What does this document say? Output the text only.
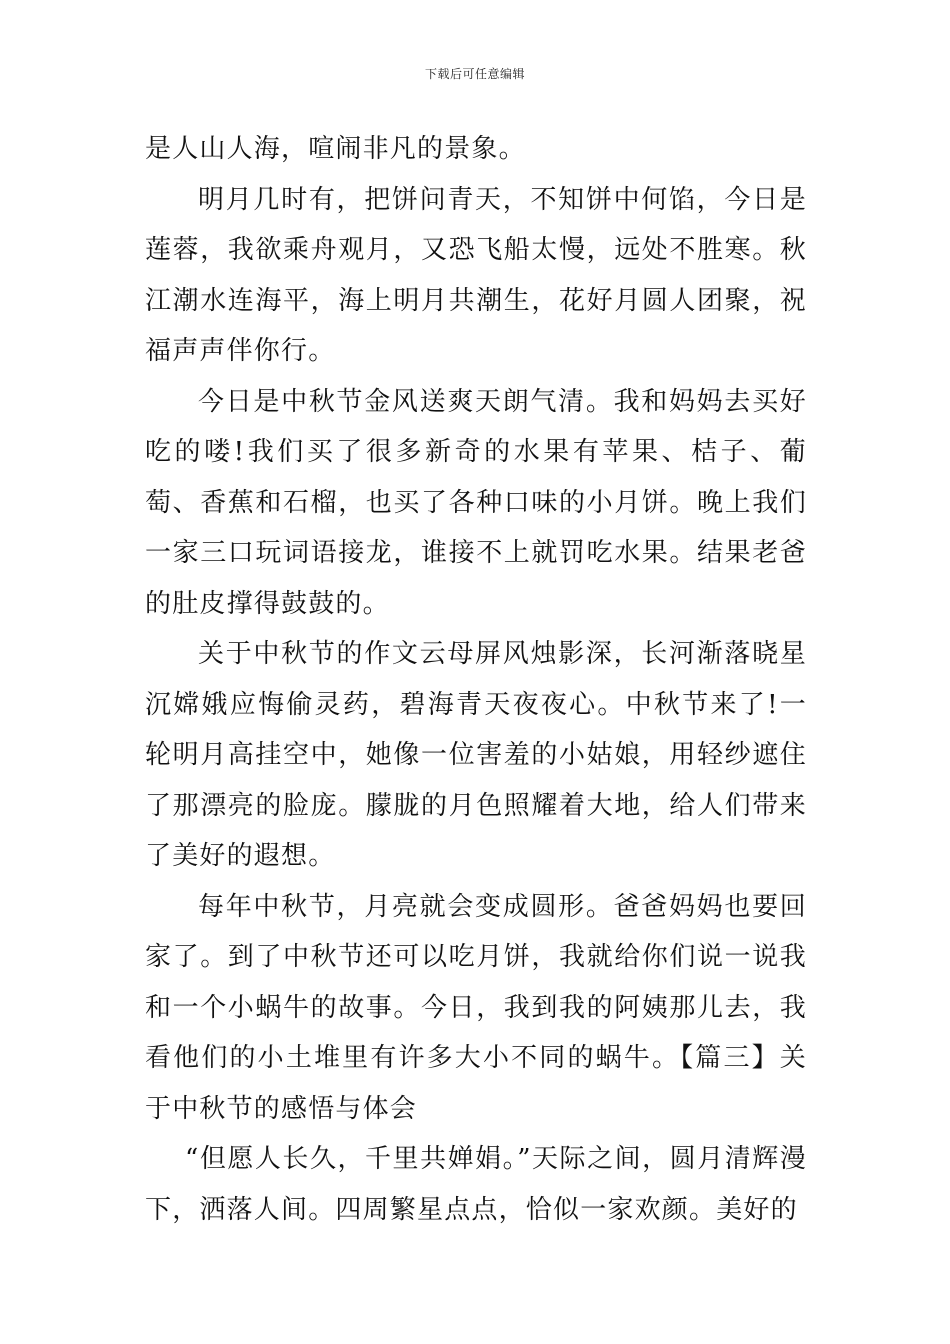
下载后可任意编辑

是人山人海，喧闹非凡的景象。

明月几时有，把饼问青天，不知饼中何馅，今日是莲蓉，我欲乘舟观月，又恐飞船太慢，远处不胜寒。秋江潮水连海平，海上明月共潮生，花好月圆人团聚，祝福声声伴你行。

今日是中秋节金风送爽天朗气清。我和妈妈去买好吃的喽!我们买了很多新奇的水果有苹果、桔子、葡萄、香蕉和石榴，也买了各种口味的小月饼。晚上我们一家三口玩词语接龙，谁接不上就罚吃水果。结果老爸的肚皮撑得鼓鼓的。

关于中秋节的作文云母屏风烛影深，长河渐落晓星沉嫦娥应悔偷灵药，碧海青天夜夜心。中秋节来了!一轮明月高挂空中，她像一位害羞的小姑娘，用轻纱遮住了那漂亮的脸庞。朦胧的月色照耀着大地，给人们带来了美好的遐想。

每年中秋节，月亮就会变成圆形。爸爸妈妈也要回家了。到了中秋节还可以吃月饼，我就给你们说一说我和一个小蜗牛的故事。今日，我到我的阿姨那儿去，我看他们的小土堆里有许多大小不同的蜗牛。【篇三】关于中秋节的感悟与体会

“但愿人长久，千里共婵娟。”天际之间，圆月清辉漫下，洒落人间。四周繁星点点，恰似一家欢颜。美好的
